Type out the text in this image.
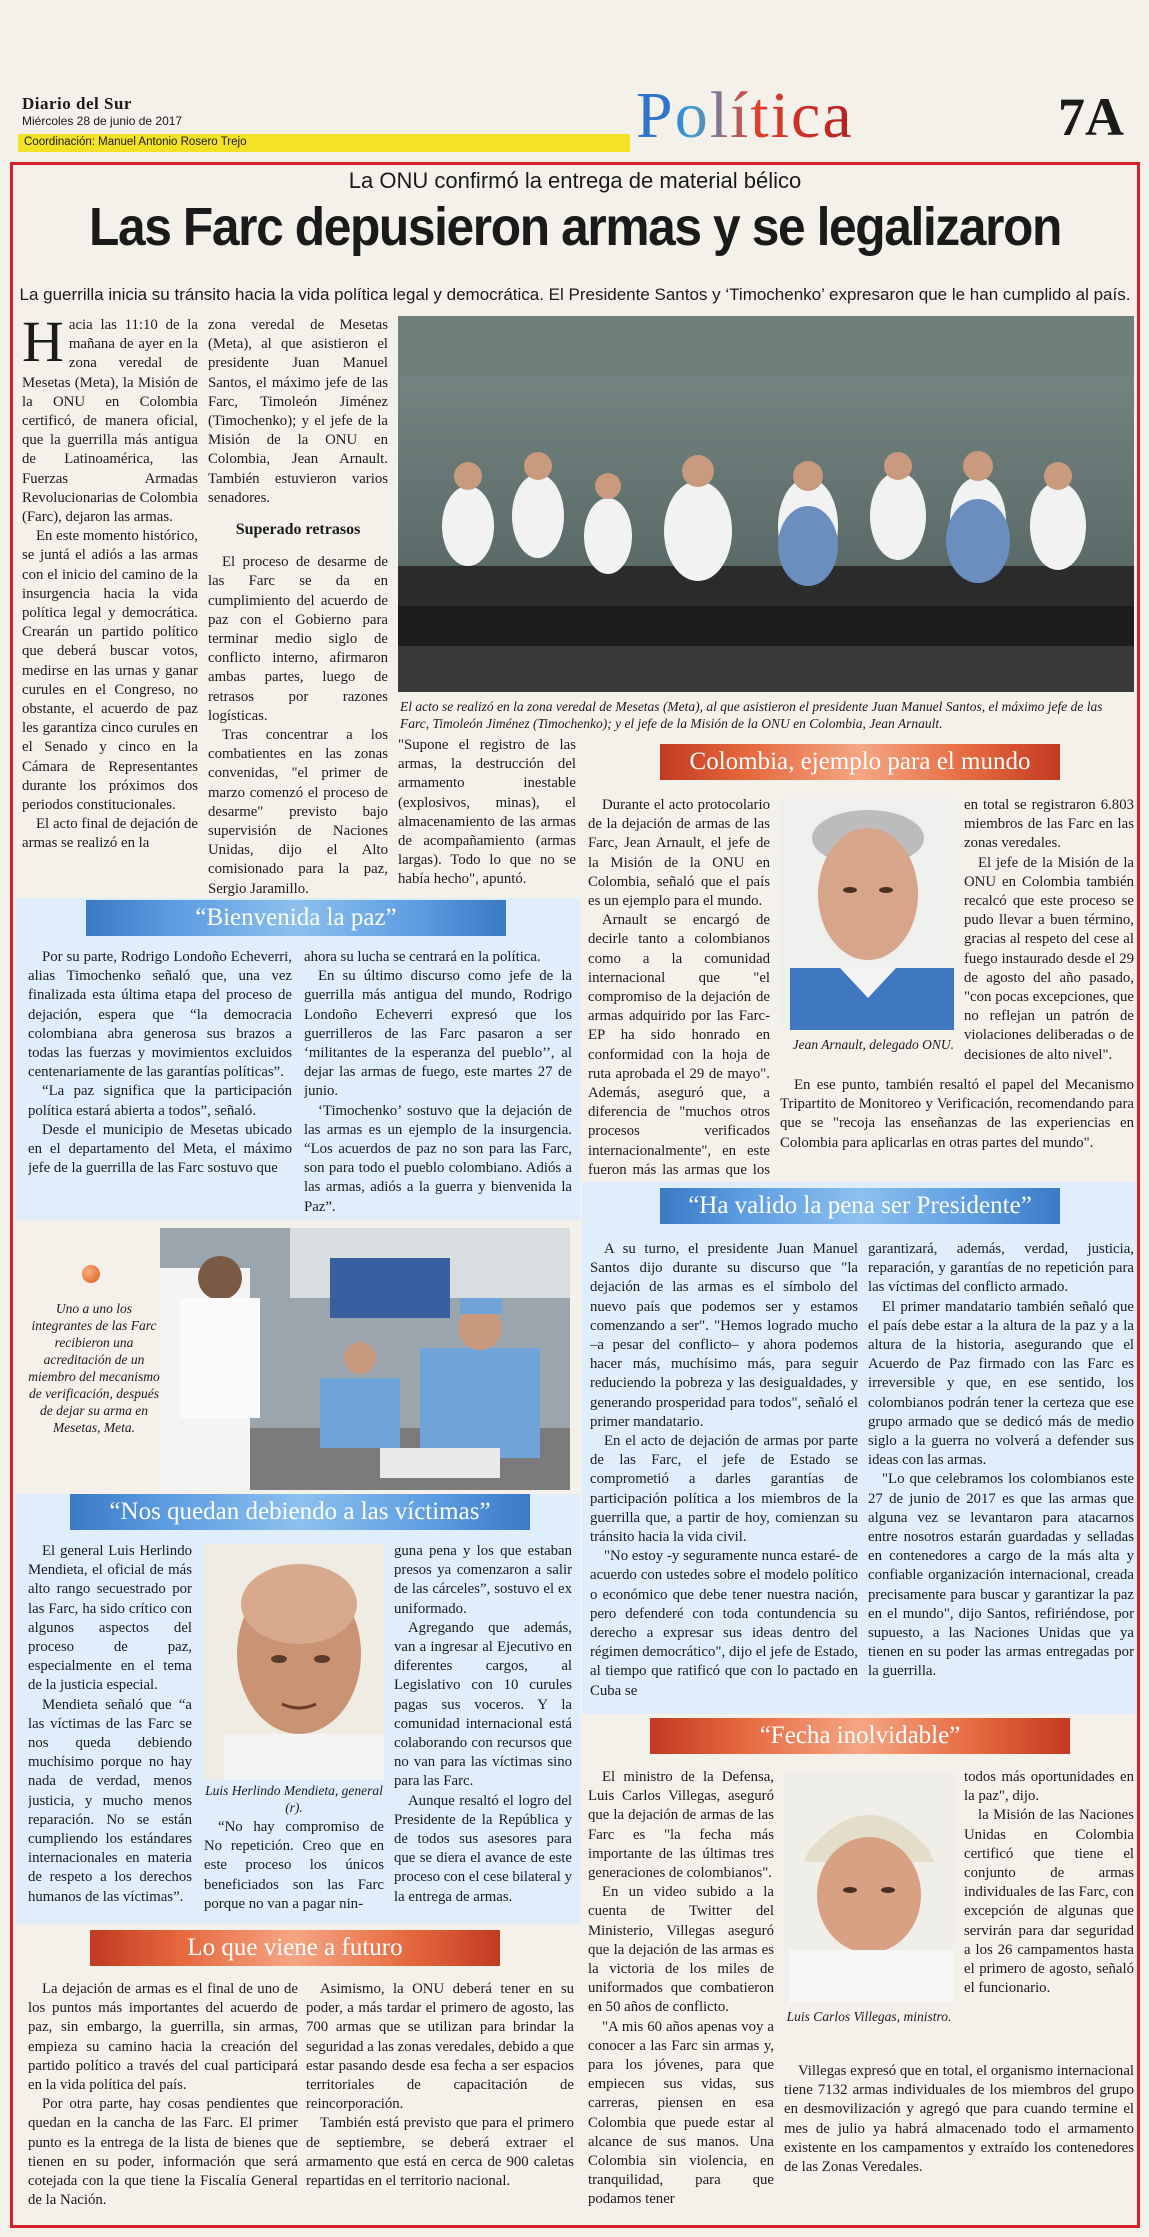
Diario del Sur
Miércoles 28 de junio de 2017
Coordinación: Manuel Antonio Rosero Trejo	Política	7A
La ONU confirmó la entrega de material bélico
Las Farc depusieron armas y se legalizaron
La guerrilla inicia su tránsito hacia la vida política legal y democrática. El Presidente Santos y ‘Timochenko’ expresaron que le han cumplido al país.

Hacia las 11:10 de la mañana de ayer en la zona veredal de Mesetas (Meta), la Misión de la ONU en Colombia certificó, de manera oficial, que la guerrilla más antigua de Latinoamérica, las Fuerzas Armadas Revolucionarias de Colombia (Farc), dejaron las armas.

En este momento histórico, se juntá el adiós a las armas con el inicio del camino de la insurgencia hacia la vida política legal y democrática. Crearán un partido político que deberá buscar votos, medirse en las urnas y ganar curules en el Congreso, no obstante, el acuerdo de paz les garantiza cinco curules en el Senado y cinco en la Cámara de Representantes durante los próximos dos periodos constitucionales.

El acto final de dejación de armas se realizó en la

zona veredal de Mesetas (Meta), al que asistieron el presidente Juan Manuel Santos, el máximo jefe de las Farc, Timoleón Jiménez (Timochenko); y el jefe de la Misión de la ONU en Colombia, Jean Arnault. También estuvieron varios senadores.

Superado retrasos

El proceso de desarme de las Farc se da en cumplimiento del acuerdo de paz con el Gobierno para terminar medio siglo de conflicto interno, afirmaron ambas partes, luego de retrasos por razones logísticas.

Tras concentrar a los combatientes en las zonas convenidas, "el primer de marzo comenzó el proceso de desarme" previsto bajo supervisión de Naciones Unidas, dijo el Alto comisionado para la paz, Sergio Jaramillo.

El acto se realizó en la zona veredal de Mesetas (Meta), al que asistieron el presidente Juan Manuel Santos, el máximo jefe de las Farc, Timoleón Jiménez (Timochenko); y el jefe de la Misión de la ONU en Colombia, Jean Arnault.

"Supone el registro de las armas, la destrucción del armamento inestable (explosivos, minas), el almacenamiento de las armas de acompañamiento (armas largas). Todo lo que no se había hecho", apuntó.

“Bienvenida la paz”

Por su parte, Rodrigo Londoño Echeverri, alias Timochenko señaló que, una vez finalizada esta última etapa del proceso de dejación, espera que “la democracia colombiana abra generosa sus brazos a todas las fuerzas y movimientos excluidos centenariamente de las garantías políticas”.

“La paz significa que la participación política estará abierta a todos”, señaló.

Desde el municipio de Mesetas ubicado en el departamento del Meta, el máximo jefe de la guerrilla de las Farc sostuvo que

ahora su lucha se centrará en la política.

En su último discurso como jefe de la guerrilla más antigua del mundo, Rodrigo Londoño Echeverri expresó que los guerrilleros de las Farc pasaron a ser ‘militantes de la esperanza del pueblo’’, al dejar las armas de fuego, este martes 27 de junio.

‘Timochenko’ sostuvo que la dejación de las armas es un ejemplo de la insurgencia. “Los acuerdos de paz no son para las Farc, son para todo el pueblo colombiano. Adiós a las armas, adiós a la guerra y bienvenida la Paz”.

Uno a uno los integrantes de las Farc recibieron una acreditación de un miembro del mecanismo de verificación, después de dejar su arma en Mesetas, Meta.
“Nos quedan debiendo a las víctimas”

El general Luis Herlindo Mendieta, el oficial de más alto rango secuestrado por las Farc, ha sido crítico con algunos aspectos del proceso de paz, especialmente en el tema de la justicia especial.

Mendieta señaló que “a las víctimas de las Farc se nos queda debiendo muchísimo porque no hay nada de verdad, menos justicia, y mucho menos reparación. No se están cumpliendo los estándares internacionales en materia de respeto a los derechos humanos de las víctimas”.

Luis Herlindo Mendieta, general (r).

“No hay compromiso de No repetición. Creo que en este proceso los únicos beneficiados son las Farc porque no van a pagar nin-

guna pena y los que estaban presos ya comenzaron a salir de las cárceles”, sostuvo el ex uniformado.

Agregando que además, van a ingresar al Ejecutivo en diferentes cargos, al Legislativo con 10 curules pagas sus voceros. Y la comunidad internacional está colaborando con recursos que no van para las víctimas sino para las Farc.

Aunque resaltó el logro del Presidente de la República y de todos sus asesores para que se diera el avance de este proceso con el cese bilateral y la entrega de armas.

Lo que viene a futuro

La dejación de armas es el final de uno de los puntos más importantes del acuerdo de paz, sin embargo, la guerrilla, sin armas, empieza su camino hacia la creación del partido político a través del cual participará en la vida política del país.

Por otra parte, hay cosas pendientes que quedan en la cancha de las Farc. El primer punto es la entrega de la lista de bienes que tienen en su poder, información que será cotejada con la que tiene la Fiscalía General de la Nación.

Asimismo, la ONU deberá tener en su poder, a más tardar el primero de agosto, las 700 armas que se utilizan para brindar la seguridad a las zonas veredales, debido a que estar pasando desde esa fecha a ser espacios territoriales de capacitación de reincorporación.

También está previsto que para el primero de septiembre, se deberá extraer el armamento que está en cerca de 900 caletas repartidas en el territorio nacional.

Colombia, ejemplo para el mundo

Durante el acto protocolario de la dejación de armas de las Farc, Jean Arnault, el jefe de la Misión de la ONU en Colombia, señaló que el país es un ejemplo para el mundo.

Arnault se encargó de decirle tanto a colombianos como a la comunidad internacional que "el compromiso de la dejación de armas adquirido por las Farc-EP ha sido honrado en conformidad con la hoja de ruta aprobada el 29 de mayo". Además, aseguró que, a diferencia de "muchos otros procesos verificados internacionalmente", en este fueron más las armas que los

Jean Arnault, delegado ONU.

en total se registraron 6.803 miembros de las Farc en las zonas veredales.

El jefe de la Misión de la ONU en Colombia también recalcó que este proceso se pudo llevar a buen término, gracias al respeto del cese al fuego instaurado desde el 29 de agosto del año pasado, "con pocas excepciones, que no reflejan un patrón de violaciones deliberadas o de decisiones de alto nivel".

En ese punto, también resaltó el papel del Mecanismo Tripartito de Monitoreo y Verificación, recomendando para que se "recoja las enseñanzas de las experiencias en Colombia para aplicarlas en otras partes del mundo".

“Ha valido la pena ser Presidente”

A su turno, el presidente Juan Manuel Santos dijo durante su discurso que "la dejación de las armas es el símbolo del nuevo país que podemos ser y estamos comenzando a ser". "Hemos logrado mucho –a pesar del conflicto– y ahora podemos hacer más, muchísimo más, para seguir reduciendo la pobreza y las desigualdades, y generando prosperidad para todos", señaló el primer mandatario.

En el acto de dejación de armas por parte de las Farc, el jefe de Estado se comprometió a darles garantías de participación política a los miembros de la guerrilla que, a partir de hoy, comienzan su tránsito hacia la vida civil.

"No estoy -y seguramente nunca estaré- de acuerdo con ustedes sobre el modelo político o económico que debe tener nuestra nación, pero defenderé con toda contundencia su derecho a expresar sus ideas dentro del régimen democrático", dijo el jefe de Estado, al tiempo que ratificó que con lo pactado en Cuba se

garantizará, además, verdad, justicia, reparación, y garantías de no repetición para las víctimas del conflicto armado.

El primer mandatario también señaló que el país debe estar a la altura de la paz y a la altura de la historia, asegurando que el Acuerdo de Paz firmado con las Farc es irreversible y que, en ese sentido, los colombianos podrán tener la certeza que ese grupo armado que se dedicó más de medio siglo a la guerra no volverá a defender sus ideas con las armas.

"Lo que celebramos los colombianos este 27 de junio de 2017 es que las armas que alguna vez se levantaron para atacarnos entre nosotros estarán guardadas y selladas en contenedores a cargo de la más alta y confiable organización internacional, creada precisamente para buscar y garantizar la paz en el mundo", dijo Santos, refiriéndose, por supuesto, a las Naciones Unidas que ya tienen en su poder las armas entregadas por la guerrilla.

“Fecha inolvidable”

El ministro de la Defensa, Luis Carlos Villegas, aseguró que la dejación de armas de las Farc es "la fecha más importante de las últimas tres generaciones de colombianos".

En un video subido a la cuenta de Twitter del Ministerio, Villegas aseguró que la dejación de las armas es la victoria de los miles de uniformados que combatieron en 50 años de conflicto.

"A mis 60 años apenas voy a conocer a las Farc sin armas y, para los jóvenes, para que empiecen sus vidas, sus carreras, piensen en esa Colombia que puede estar al alcance de sus manos. Una Colombia sin violencia, en tranquilidad, para que podamos tener

Luis Carlos Villegas, ministro.

todos más oportunidades en la paz", dijo.

la Misión de las Naciones Unidas en Colombia certificó que tiene el conjunto de armas individuales de las Farc, con excepción de algunas que servirán para dar seguridad a los 26 campamentos hasta el primero de agosto, señaló el funcionario.

Villegas expresó que en total, el organismo internacional tiene 7132 armas individuales de los miembros del grupo en desmovilización y agregó que para cuando termine el mes de julio ya habrá almacenado todo el armamento existente en los campamentos y extraído los contenedores de las Zonas Veredales.
